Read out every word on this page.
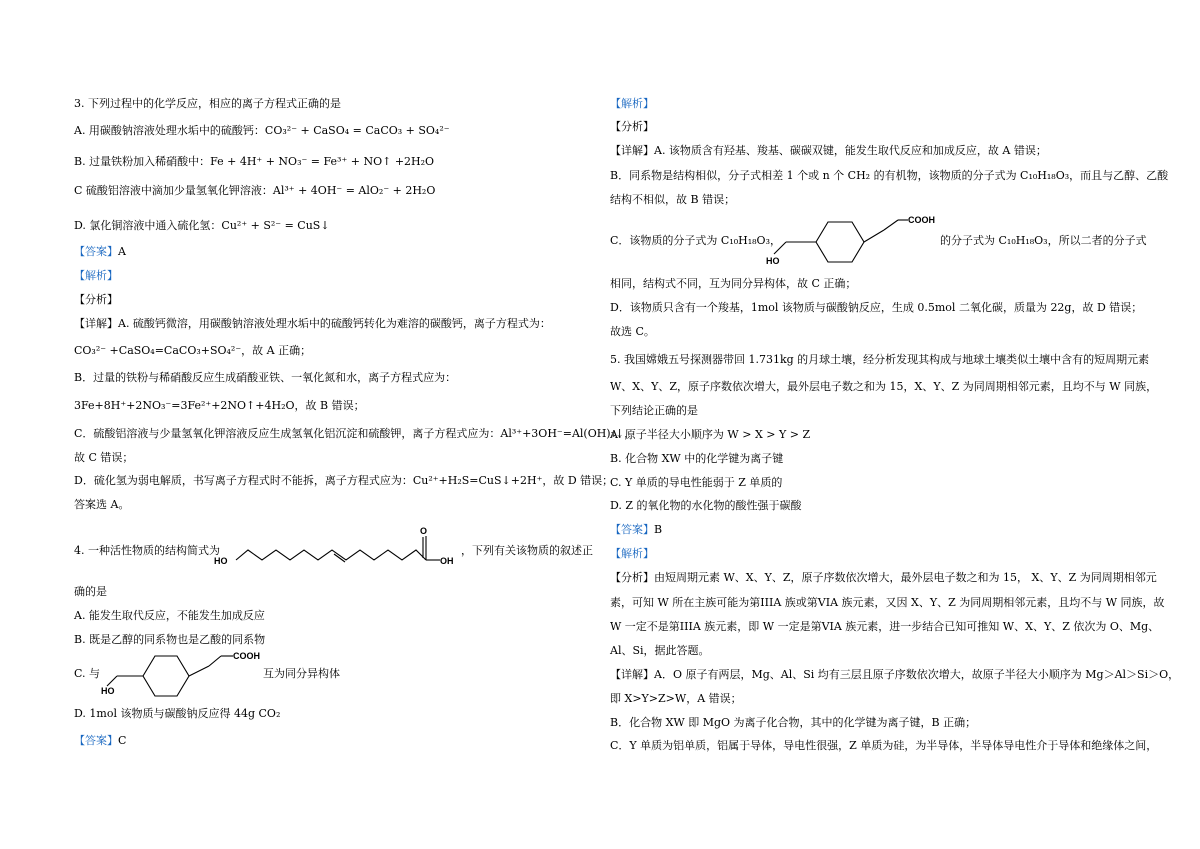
3. 下列过程中的化学反应，相应的离子方程式正确的是
A. 用碳酸钠溶液处理水垢中的硫酸钙：CO₃²⁻ + CaSO₄ = CaCO₃ + SO₄²⁻
B. 过量铁粉加入稀硝酸中：Fe + 4H⁺ + NO₃⁻ = Fe³⁺ + NO↑ +2H₂O
C 硫酸铝溶液中滴加少量氢氧化钾溶液：Al³⁺ + 4OH⁻ = AlO₂⁻ + 2H₂O
D. 氯化铜溶液中通入硫化氢：Cu²⁺ + S²⁻ = CuS↓
【答案】A
【解析】
【分析】
【详解】A. 硫酸钙微溶，用碳酸钠溶液处理水垢中的硫酸钙转化为难溶的碳酸钙，离子方程式为：
CO₃²⁻ +CaSO₄=CaCO₃+SO₄²⁻，故 A 正确；
B．过量的铁粉与稀硝酸反应生成硝酸亚铁、一氧化氮和水，离子方程式应为：
3Fe+8H⁺+2NO₃⁻=3Fe²⁺+2NO↑+4H₂O，故 B 错误；
C．硫酸铝溶液与少量氢氧化钾溶液反应生成氢氧化铝沉淀和硫酸钾，离子方程式应为：Al³⁺+3OH⁻=Al(OH)₃↓，
故 C 错误；
D．硫化氢为弱电解质，书写离子方程式时不能拆，离子方程式应为：Cu²⁺+H₂S=CuS↓+2H⁺，故 D 错误；
答案选 A。
4. 一种活性物质的结构简式为
HO
O
OH
，下列有关该物质的叙述正
确的是
A. 能发生取代反应，不能发生加成反应
B. 既是乙醇的同系物也是乙酸的同系物
C. 与
HO
COOH
互为同分异构体
D. 1mol 该物质与碳酸钠反应得 44g CO₂
【答案】C
【解析】
【分析】
【详解】A. 该物质含有羟基、羧基、碳碳双键，能发生取代反应和加成反应，故 A 错误；
B．同系物是结构相似，分子式相差 1 个或 n 个 CH₂ 的有机物，该物质的分子式为 C₁₀H₁₈O₃，而且与乙醇、乙酸
结构不相似，故 B 错误；
C．该物质的分子式为 C₁₀H₁₈O₃，
HO
COOH
的分子式为 C₁₀H₁₈O₃，所以二者的分子式
相同，结构式不同，互为同分异构体，故 C 正确；
D．该物质只含有一个羧基，1mol 该物质与碳酸钠反应，生成 0.5mol 二氧化碳，质量为 22g，故 D 错误；
故选 C。
5. 我国嫦娥五号探测器带回 1.731kg 的月球土壤，经分析发现其构成与地球土壤类似土壤中含有的短周期元素
W、X、Y、Z，原子序数依次增大，最外层电子数之和为 15，X、Y、Z 为同周期相邻元素，且均不与 W 同族，
下列结论正确的是
A. 原子半径大小顺序为 W > X > Y > Z
B. 化合物 XW 中的化学键为离子键
C. Y 单质的导电性能弱于 Z 单质的
D. Z 的氧化物的水化物的酸性强于碳酸
【答案】B
【解析】
【分析】由短周期元素 W、X、Y、Z，原子序数依次增大，最外层电子数之和为 15， X、Y、Z 为同周期相邻元
素，可知 W 所在主族可能为第IIIA 族或第VIA 族元素，又因 X、Y、Z 为同周期相邻元素，且均不与 W 同族，故
W 一定不是第IIIA 族元素，即 W 一定是第VIA 族元素，进一步结合已知可推知 W、X、Y、Z 依次为 O、Mg、
Al、Si，据此答题。
【详解】A．O 原子有两层，Mg、Al、Si 均有三层且原子序数依次增大，故原子半径大小顺序为 Mg＞Al＞Si＞O，
即 X>Y>Z>W，A 错误；
B．化合物 XW 即 MgO 为离子化合物，其中的化学键为离子键，B 正确；
C．Y 单质为铝单质，铝属于导体，导电性很强，Z 单质为硅，为半导体，半导体导电性介于导体和绝缘体之间，
